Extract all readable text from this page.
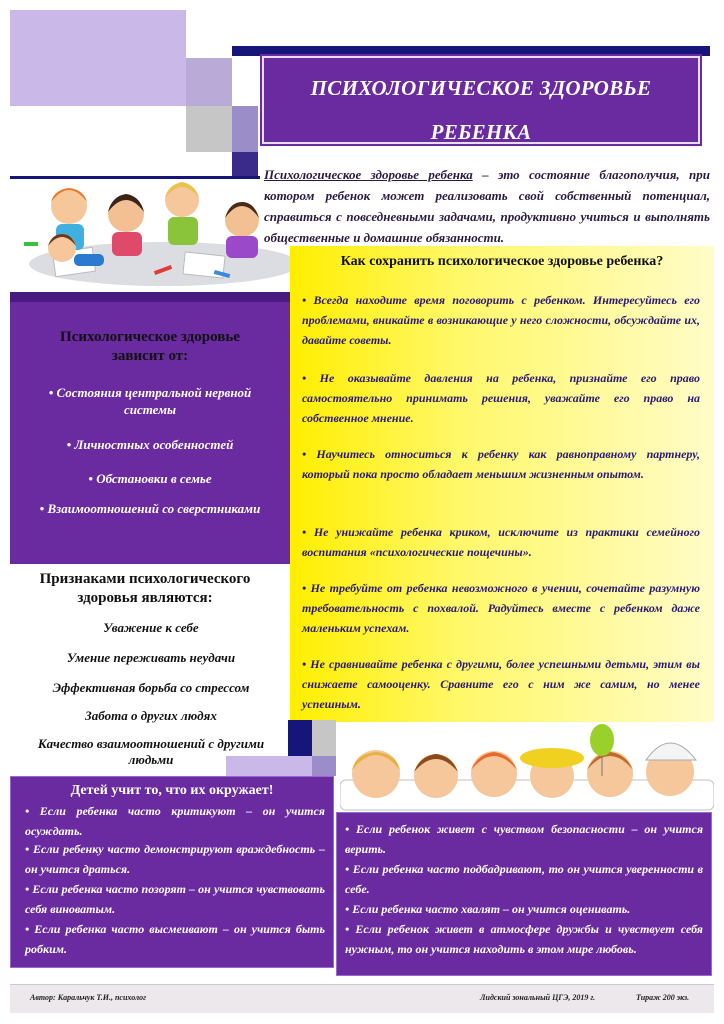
ПСИХОЛОГИЧЕСКОЕ ЗДОРОВЬЕ
РЕБЕНКА
Психологическое здоровье ребенка – это состояние благополучия, при котором ребенок может реализовать свой собственный потенциал, справиться с повседневными задачами, продуктивно учиться и выполнять общественные и домашние обязанности.
Психологическое здоровье
зависит от:
• Состояния центральной нервной системы
• Личностных особенностей
• Обстановки в семье
• Взаимоотношений со сверстниками
Признаками психологического здоровья являются:
Уважение к себе
Умение переживать неудачи
Эффективная борьба со стрессом
Забота о других людях
Качество взаимоотношений с другими людьми
Как сохранить психологическое здоровье ребенка?
• Всегда находите время поговорить с ребенком. Интересуйтесь его проблемами, вникайте в возникающие у него сложности, обсуждайте их, давайте советы.
• Не оказывайте давления на ребенка, признайте его право самостоятельно принимать решения, уважайте его право на собственное мнение.
• Научитесь относиться к ребенку как равноправному партнеру, который пока просто обладает меньшим жизненным опытом.
• Не унижайте ребенка криком, исключите из практики семейного воспитания «психологические пощечины».
• Не требуйте от ребенка невозможного в учении, сочетайте разумную требовательность с похвалой. Радуйтесь вместе с ребенком даже маленьким успехам.
• Не сравнивайте ребенка с другими, более успешными детьми, этим вы снижаете самооценку. Сравните его с ним же самим, но менее успешным.
Детей учит то, что их окружает!
• Если ребенка часто критикуют – он учится осуждать.
• Если ребенку часто демонстрируют враждебность – он учится драться.
• Если ребенка часто позорят – он учится чувствовать себя виноватым.
• Если ребенка часто высмеивают – он учится быть робким.
• Если ребенок живет с чувством безопасности – он учится верить.
• Если ребенка часто подбадривают, то он учится уверенности в себе.
• Если ребенка часто хвалят – он учится оценивать.
• Если ребенок живет в атмосфере дружбы и чувствует себя нужным, то он учится находить в этом мире любовь.
Автор: Каральчук Т.И., психолог	Лидский зональный ЦГЭ, 2019 г.	Тираж 200 экз.
